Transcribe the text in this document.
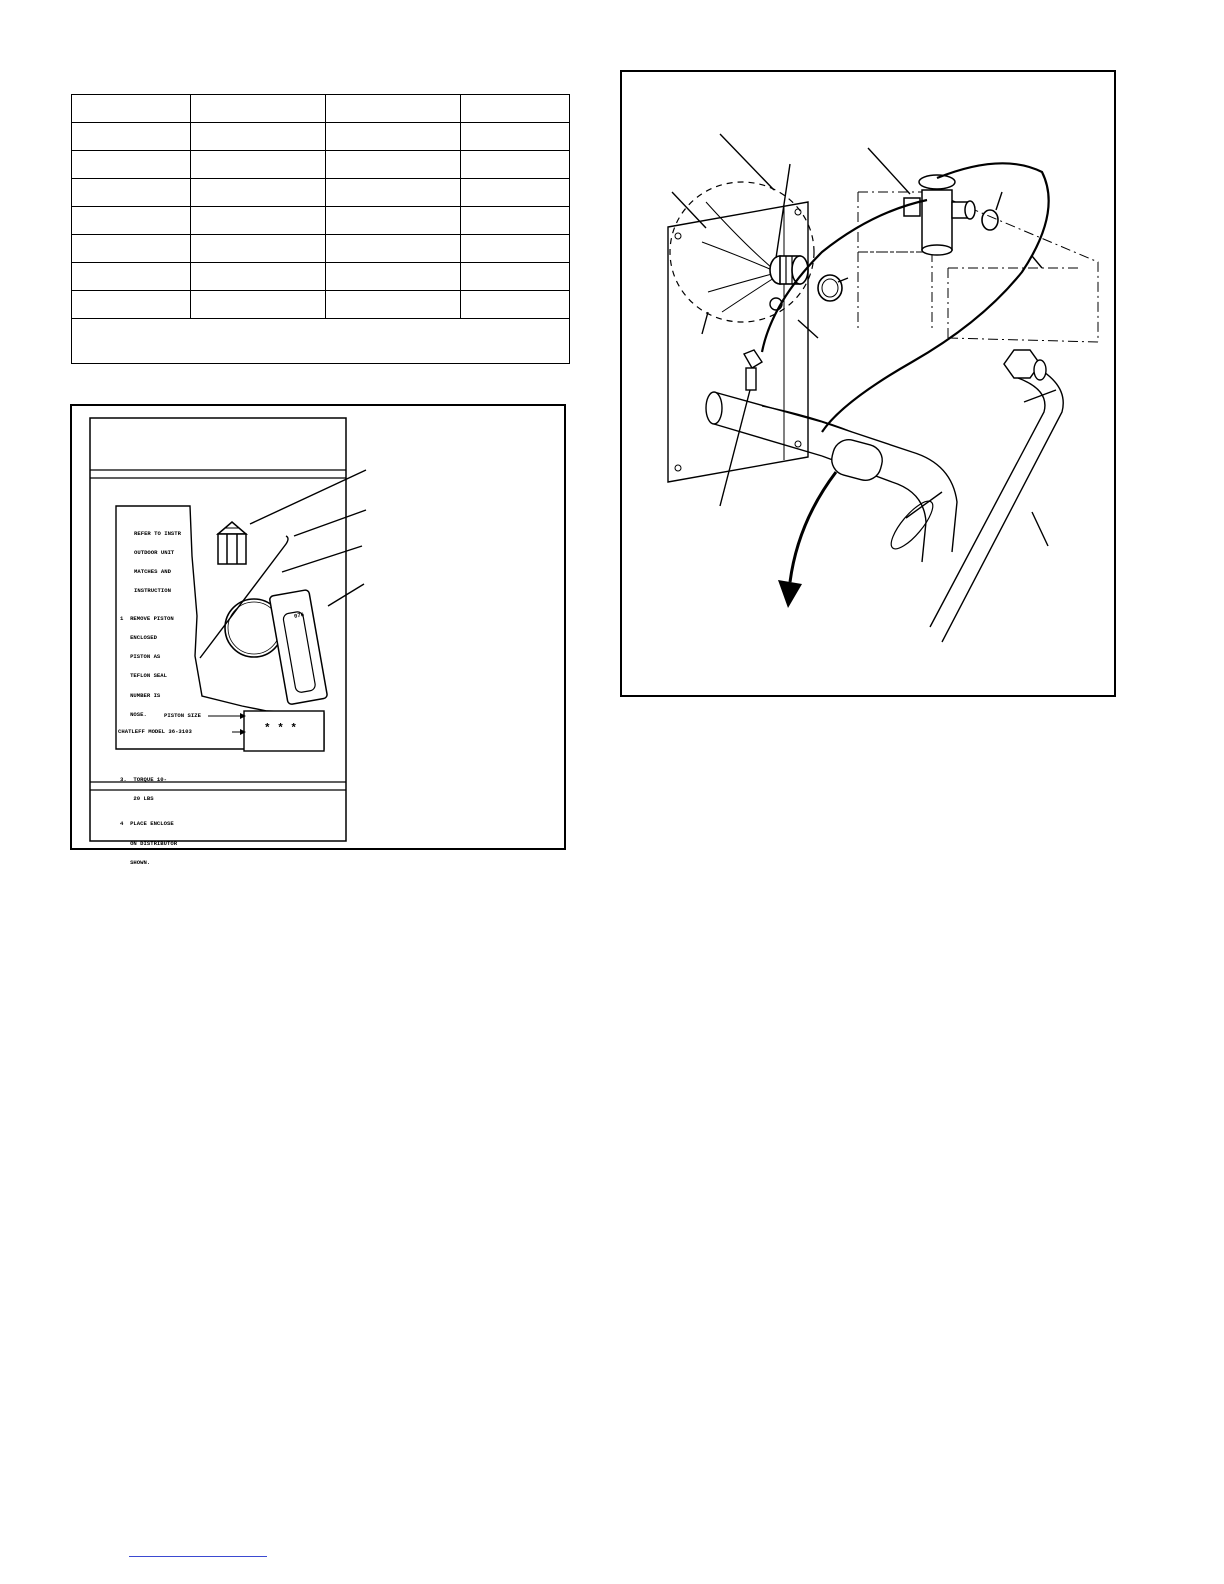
REFER TO INSTR

OUTDOOR UNIT

MATCHES AND

INSTRUCTION

1  REMOVE PISTON

ENCLOSED

PISTON AS

TEFLON SEAL

NUMBER IS

NOSE.

3.  TORQUE 10-

20 LBS

4  PLACE ENCLOSE

ON DISTRIBUTOR

SHOWN.

PISTON SIZE
CHATLEFF MODEL 36-3103	* * *
076
